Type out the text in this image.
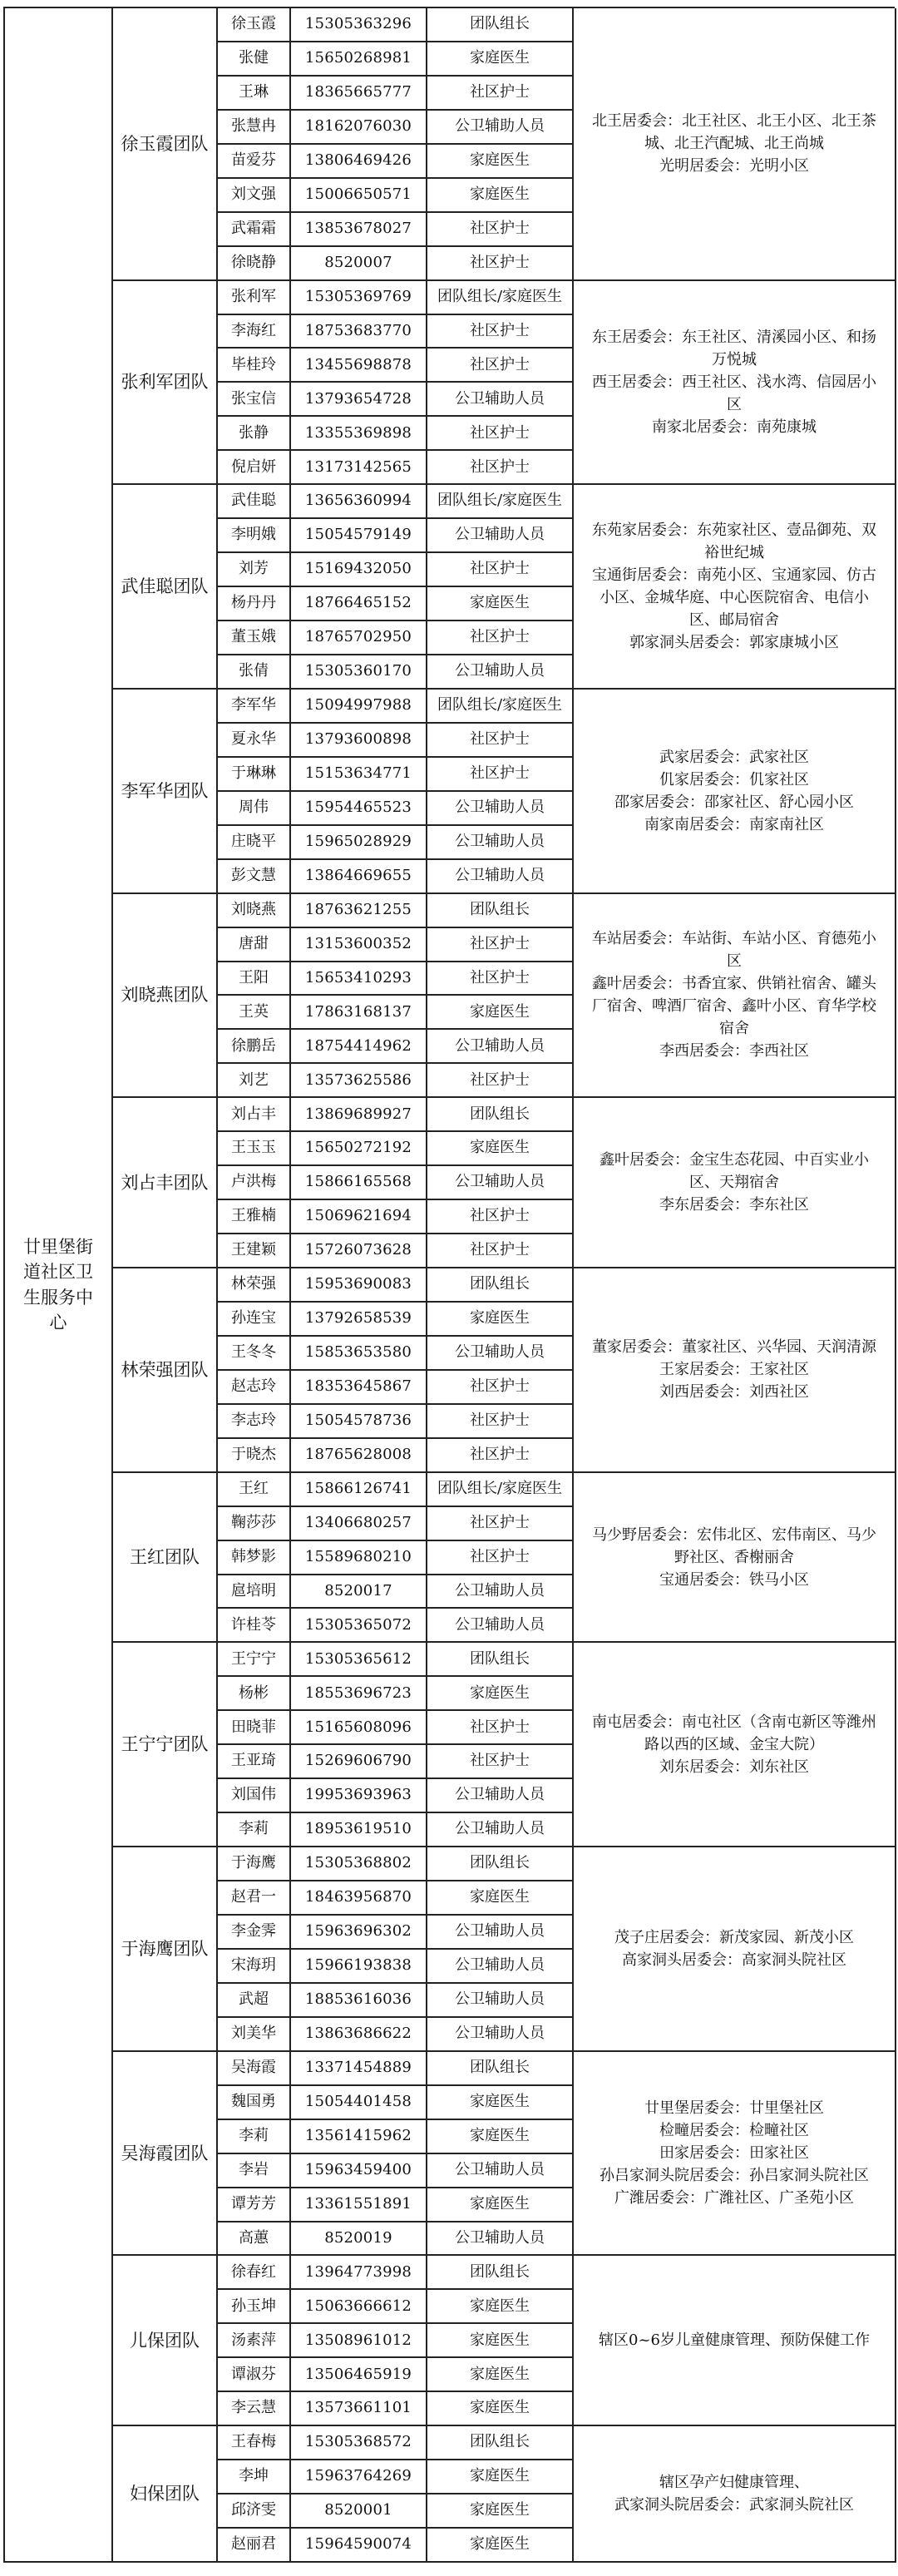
廿里堡街道社区卫生服务中心
徐玉霞团队
徐玉霞	15305363296	团队组长
张健	15650268981	家庭医生
王琳	18365665777	社区护士
张慧冉	18162076030	公卫辅助人员
苗爱芬	13806469426	家庭医生
刘文强	15006650571	家庭医生
武霜霜	13853678027	社区护士
徐晓静	8520007	社区护士
北王居委会：北王社区、北王小区、北王茶城、北王汽配城、北王尚城
光明居委会：光明小区
张利军团队
张利军	15305369769	团队组长/家庭医生
李海红	18753683770	社区护士
毕桂玲	13455698878	社区护士
张宝信	13793654728	公卫辅助人员
张静	13355369898	社区护士
倪启妍	13173142565	社区护士
东王居委会：东王社区、清溪园小区、和扬万悦城
西王居委会：西王社区、浅水湾、信园居小区
南家北居委会：南苑康城
武佳聪团队
武佳聪	13656360994	团队组长/家庭医生
李明娥	15054579149	公卫辅助人员
刘芳	15169432050	社区护士
杨丹丹	18766465152	家庭医生
董玉娥	18765702950	社区护士
张倩	15305360170	公卫辅助人员
东苑家居委会：东苑家社区、壹品御苑、双裕世纪城
宝通街居委会：南苑小区、宝通家园、仿古小区、金城华庭、中心医院宿舍、电信小区、邮局宿舍
郭家洞头居委会：郭家康城小区
李军华团队
李军华	15094997988	团队组长/家庭医生
夏永华	13793600898	社区护士
于琳琳	15153634771	社区护士
周伟	15954465523	公卫辅助人员
庄晓平	15965028929	公卫辅助人员
彭文慧	13864669655	公卫辅助人员
武家居委会：武家社区
仉家居委会：仉家社区
邵家居委会：邵家社区、舒心园小区
南家南居委会：南家南社区
刘晓燕团队
刘晓燕	18763621255	团队组长
唐甜	13153600352	社区护士
王阳	15653410293	社区护士
王英	17863168137	家庭医生
徐鹏岳	18754414962	公卫辅助人员
刘艺	13573625586	社区护士
车站居委会：车站街、车站小区、育德苑小区
鑫叶居委会：书香宜家、供销社宿舍、罐头厂宿舍、啤酒厂宿舍、鑫叶小区、育华学校宿舍
李西居委会：李西社区
刘占丰团队
刘占丰	13869689927	团队组长
王玉玉	15650272192	家庭医生
卢洪梅	15866165568	公卫辅助人员
王雅楠	15069621694	社区护士
王建颖	15726073628	社区护士
鑫叶居委会：金宝生态花园、中百实业小区、天翔宿舍
李东居委会：李东社区
林荣强团队
林荣强	15953690083	团队组长
孙连宝	13792658539	家庭医生
王冬冬	15853653580	公卫辅助人员
赵志玲	18353645867	社区护士
李志玲	15054578736	社区护士
于晓杰	18765628008	社区护士
董家居委会：董家社区、兴华园、天润清源
王家居委会：王家社区
刘西居委会：刘西社区
王红团队
王红	15866126741	团队组长/家庭医生
鞠莎莎	13406680257	社区护士
韩梦影	15589680210	社区护士
扈培明	8520017	公卫辅助人员
许桂苓	15305365072	公卫辅助人员
马少野居委会：宏伟北区、宏伟南区、马少野社区、香榭丽舍
宝通居委会：铁马小区
王宁宁团队
王宁宁	15305365612	团队组长
杨彬	18553696723	家庭医生
田晓菲	15165608096	社区护士
王亚琦	15269606790	社区护士
刘国伟	19953693963	公卫辅助人员
李莉	18953619510	公卫辅助人员
南屯居委会：南屯社区（含南屯新区等潍州路以西的区域、金宝大院）
刘东居委会：刘东社区
于海鹰团队
于海鹰	15305368802	团队组长
赵君一	18463956870	家庭医生
李金霁	15963696302	公卫辅助人员
宋海玥	15966193838	公卫辅助人员
武超	18853616036	公卫辅助人员
刘美华	13863686622	公卫辅助人员
茂子庄居委会：新茂家园、新茂小区
高家洞头居委会：高家洞头院社区
吴海霞团队
吴海霞	13371454889	团队组长
魏国勇	15054401458	家庭医生
李莉	13561415962	家庭医生
李岩	15963459400	公卫辅助人员
谭芳芳	13361551891	家庭医生
高蕙	8520019	公卫辅助人员
廿里堡居委会：廿里堡社区
检疃居委会：检疃社区
田家居委会：田家社区
孙吕家洞头院居委会：孙吕家洞头院社区
广潍居委会：广潍社区、广圣苑小区
儿保团队
徐春红	13964773998	团队组长
孙玉坤	15063666612	家庭医生
汤素萍	13508961012	家庭医生
谭淑芬	13506465919	家庭医生
李云慧	13573661101	家庭医生
辖区0~6岁儿童健康管理、预防保健工作
妇保团队
王春梅	15305368572	团队组长
李坤	15963764269	家庭医生
邱济雯	8520001	家庭医生
赵丽君	15964590074	家庭医生
辖区孕产妇健康管理、
武家洞头院居委会：武家洞头院社区
